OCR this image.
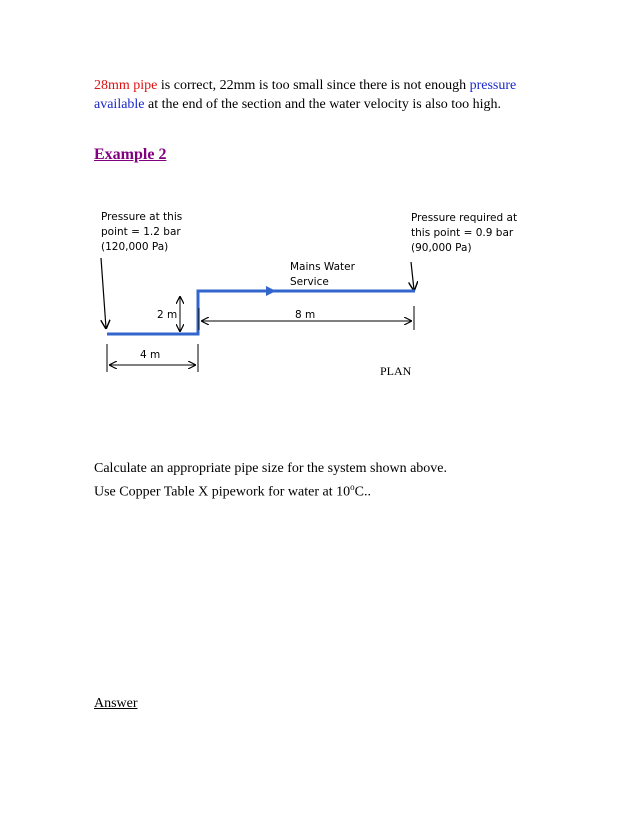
28mm pipe is correct, 22mm is too small since there is not enough pressure available at the end of the section and the water velocity is also too high.
Example 2
Pressure at this
point = 1.2 bar
(120,000 Pa)
Pressure required at
this point = 0.9 bar
(90,000 Pa)
Mains Water
Service
2 m	8 m
4 m
PLAN
Calculate an appropriate pipe size for the system shown above.
Use Copper Table X pipework for water at 10$^o$C..
Answer
